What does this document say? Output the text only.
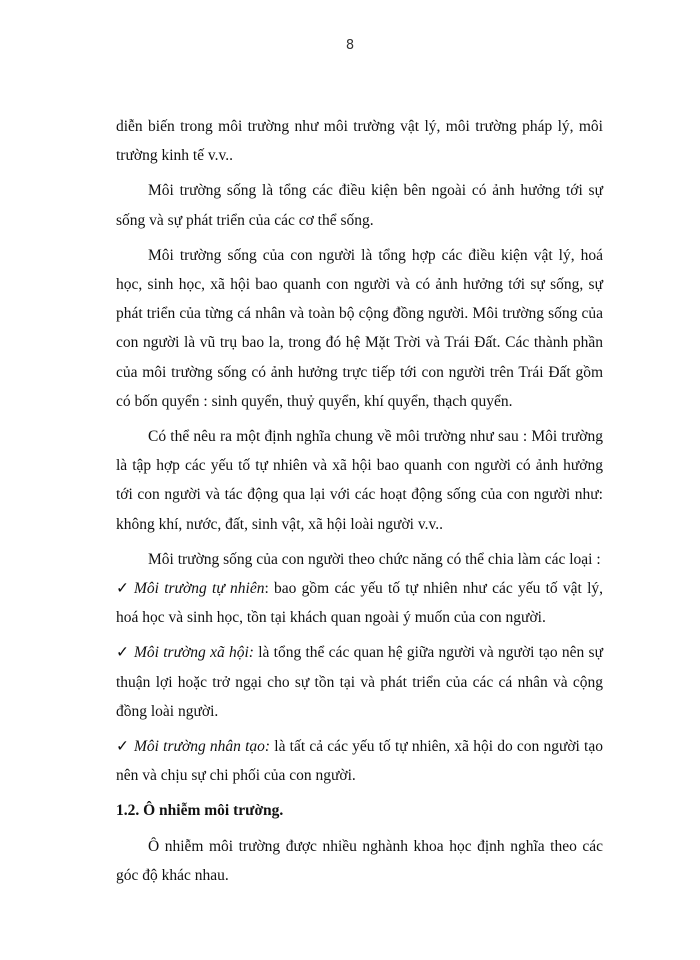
8

diễn biến trong môi trường như môi trường vật lý, môi trường pháp lý, môi trường kinh tế v.v..

Môi trường sống là tổng các điều kiện bên ngoài có ảnh hưởng tới sự sống và sự phát triển của các cơ thể sống.

Môi trường sống của con người là tổng hợp các điều kiện vật lý, hoá học, sinh học, xã hội bao quanh con người và có ảnh hưởng tới sự sống, sự phát triển của từng cá nhân và toàn bộ cộng đồng người. Môi trường sống của con người là vũ trụ bao la, trong đó hệ Mặt Trời và Trái Đất. Các thành phần của môi trường sống có ảnh hưởng trực tiếp tới con người trên Trái Đất gồm có bốn quyển : sinh quyển, thuỷ quyển, khí quyển, thạch quyển.

Có thể nêu ra một định nghĩa chung về môi trường như sau : Môi trường là tập hợp các yếu tố tự nhiên và xã hội bao quanh con người có ảnh hưởng tới con người và tác động qua lại với các hoạt động sống của con người như: không khí, nước, đất, sinh vật, xã hội loài người v.v..

Môi trường sống của con người theo chức năng có thể chia làm các loại :

✓ Môi trường tự nhiên: bao gồm các yếu tố tự nhiên như các yếu tố vật lý, hoá học và sinh học, tồn tại khách quan ngoài ý muốn của con người.

✓ Môi trường xã hội: là tổng thể các quan hệ giữa người và người tạo nên sự thuận lợi hoặc trở ngại cho sự tồn tại và phát triển của các cá nhân và cộng đồng loài người.

✓ Môi trường nhân tạo: là tất cả các yếu tố tự nhiên, xã hội do con người tạo nên và chịu sự chi phối của con người.

1.2. Ô nhiễm môi trường.

Ô nhiễm môi trường được nhiều nghành khoa học định nghĩa theo các góc độ khác nhau.
